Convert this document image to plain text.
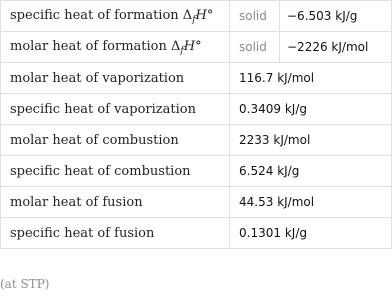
specific heat of formation $\Delta_fH^\circ$	solid	−6.503 kJ/g
molar heat of formation $\Delta_fH^\circ$	solid	−2226 kJ/mol
molar heat of vaporization	116.7 kJ/mol	
specific heat of vaporization	0.3409 kJ/g	
molar heat of combustion	2233 kJ/mol	
specific heat of combustion	6.524 kJ/g	
molar heat of fusion	44.53 kJ/mol	
specific heat of fusion	0.1301 kJ/g	
(at STP)
